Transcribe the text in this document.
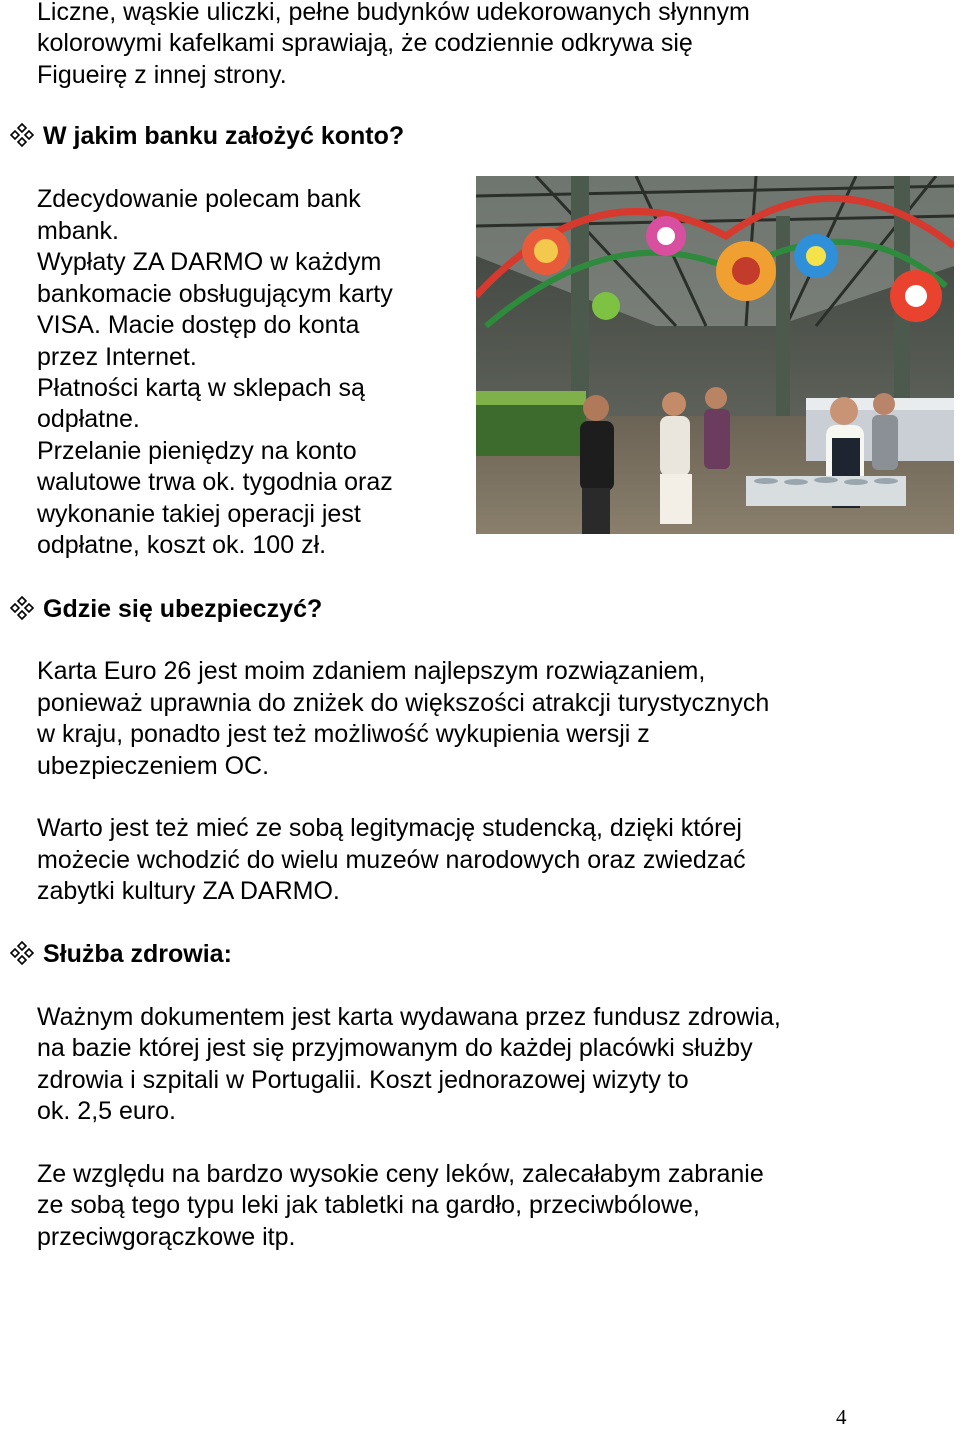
Liczne, wąskie uliczki, pełne budynków udekorowanych słynnym
kolorowymi kafelkami sprawiają, że codziennie odkrywa się
Figueirę z innej strony.
W jakim banku założyć konto?
Zdecydowanie polecam bank
mbank.
Wypłaty ZA DARMO w każdym
bankomacie obsługującym karty
VISA. Macie dostęp do konta
przez Internet.
Płatności kartą w sklepach są
odpłatne.
Przelanie pieniędzy na konto
walutowe trwa ok. tygodnia oraz
wykonanie takiej operacji jest
odpłatne, koszt ok. 100 zł.
Gdzie się ubezpieczyć?
Karta Euro 26 jest moim zdaniem najlepszym rozwiązaniem,
ponieważ uprawnia do zniżek do większości atrakcji turystycznych
w kraju, ponadto jest też możliwość wykupienia wersji z
ubezpieczeniem OC.
Warto jest też mieć ze sobą legitymację studencką, dzięki której
możecie wchodzić do wielu muzeów narodowych oraz zwiedzać
zabytki kultury ZA DARMO.
Służba zdrowia:
Ważnym dokumentem jest karta wydawana przez fundusz zdrowia,
na bazie której jest się przyjmowanym do każdej placówki służby
zdrowia i szpitali w Portugalii. Koszt jednorazowej wizyty to
ok. 2,5 euro.
Ze względu na bardzo wysokie ceny leków, zalecałabym zabranie
ze sobą tego typu leki jak tabletki na gardło, przeciwbólowe,
przeciwgorączkowe itp.
4
